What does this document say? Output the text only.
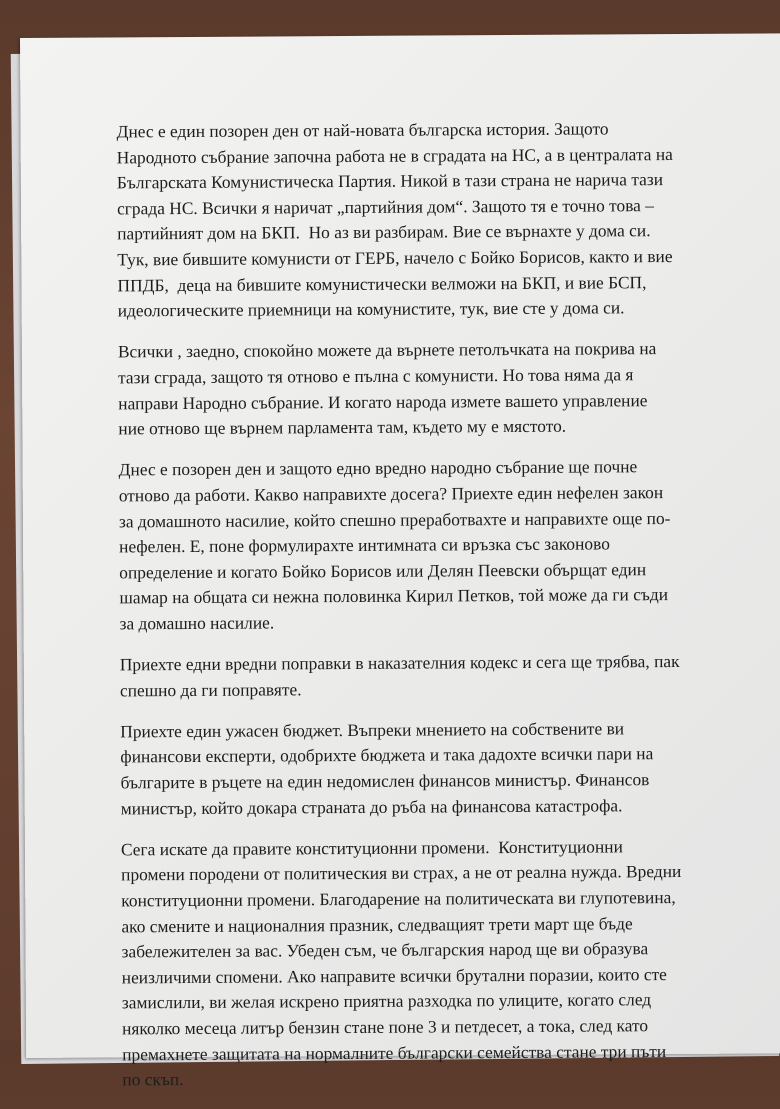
Днес е един позорен ден от най-новата българска история. Защото
Народното събрание започна работа не в сградата на НС, а в централата на
Българската Комунистическа Партия. Никой в тази страна не нарича тази
сграда НС. Всички я наричат „партийния дом“. Защото тя е точно това –
партийният дом на БКП.  Но аз ви разбирам. Вие се върнахте у дома си.
Тук, вие бившите комунисти от ГЕРБ, начело с Бойко Борисов, както и вие
ППДБ,  деца на бившите комунистически велможи на БКП, и вие БСП,
идеологическите приемници на комунистите, тук, вие сте у дома си.
Всички , заедно, спокойно можете да върнете петолъчката на покрива на
тази сграда, защото тя отново е пълна с комунисти. Но това няма да я
направи Народно събрание. И когато народа измете вашето управление
ние отново ще върнем парламента там, където му е мястото.
Днес е позорен ден и защото едно вредно народно събрание ще почне
отново да работи. Какво направихте досега? Приехте един нефелен закон
за домашното насилие, който спешно преработвахте и направихте още по-
нефелен. Е, поне формулирахте интимната си връзка със законово
определение и когато Бойко Борисов или Делян Пеевски обърщат един
шамар на общата си нежна половинка Кирил Петков, той може да ги съди
за домашно насилие.
Приехте едни вредни поправки в наказателния кодекс и сега ще трябва, пак
спешно да ги поправяте.
Приехте един ужасен бюджет. Въпреки мнението на собствените ви
финансови експерти, одобрихте бюджета и така дадохте всички пари на
българите в ръцете на един недомислен финансов министър. Финансов
министър, който докара страната до ръба на финансова катастрофа.
Сега искате да правите конституционни промени.  Конституционни
промени породени от политическия ви страх, а не от реална нужда. Вредни
конституционни промени. Благодарение на политическата ви глупотевина,
ако смените и националния празник, следващият трети март ще бъде
забележителен за вас. Убеден съм, че българския народ ще ви образува
неизличими спомени. Ако направите всички брутални поразии, които сте
замислили, ви желая искрено приятна разходка по улиците, когато след
няколко месеца литър бензин стане поне 3 и петдесет, а тока, след като
премахнете защитата на нормалните български семейства стане три пъти
по скъп.
